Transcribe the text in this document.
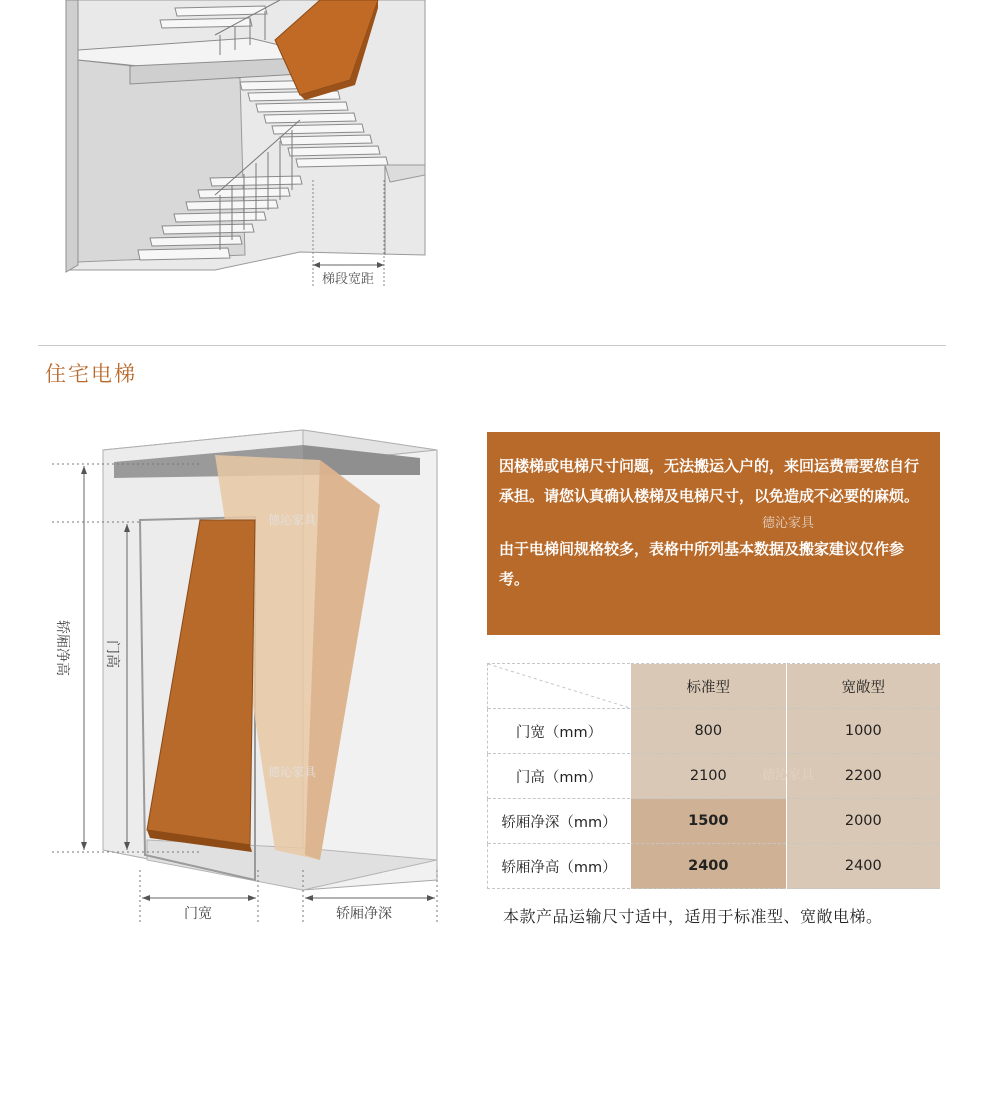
梯段宽距
住宅电梯
门宽	轿厢净深
门高
轿厢净高
德沁家具
德沁家具

因楼梯或电梯尺寸问题，无法搬运入户的，来回运费需要您自行承担。请您认真确认楼梯及电梯尺寸，以免造成不必要的麻烦。

由于电梯间规格较多，表格中所列基本数据及搬家建议仅作参考。

	标准型	宽敞型
门宽（mm）	800	1000
门高（mm）	2100	2200
轿厢净深（mm）	1500	2000
轿厢净高（mm）	2400	2400
德沁家具
德沁家具
本款产品运输尺寸适中，适用于标准型、宽敞电梯。
